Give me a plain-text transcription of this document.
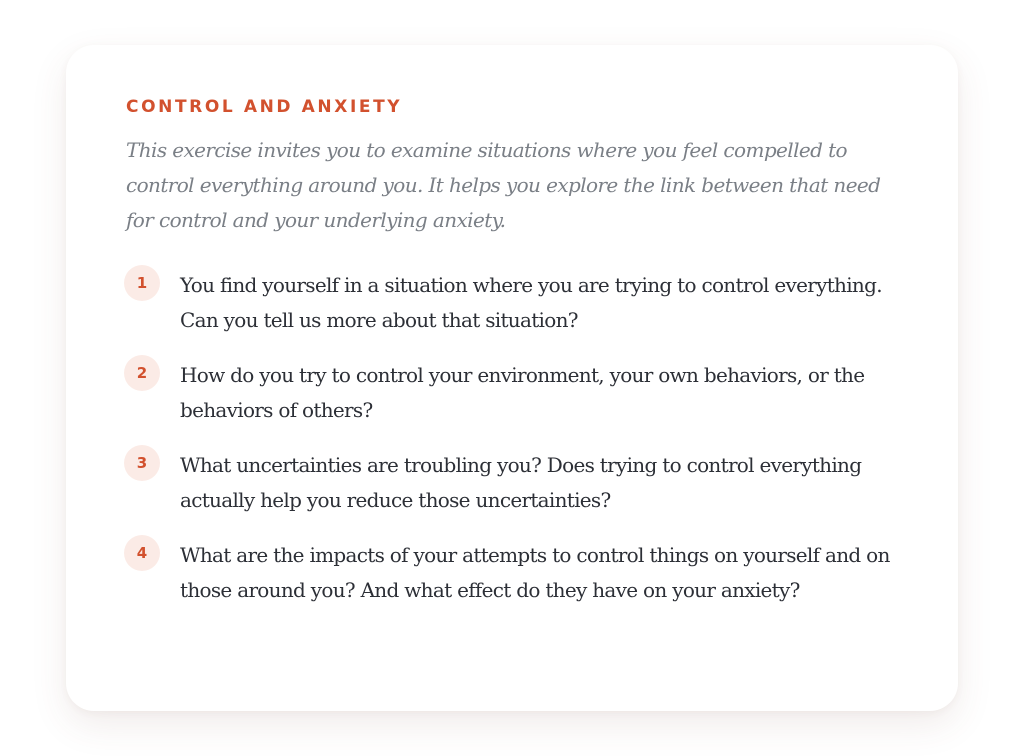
CONTROL AND ANXIETY

This exercise invites you to examine situations where you feel compelled to control everything around you. It helps you explore the link between that need for control and your underlying anxiety.

1	You find yourself in a situation where you are trying to control everything. Can you tell us more about that situation?

2	How do you try to control your environment, your own behaviors, or the behaviors of others?

3	What uncertainties are troubling you? Does trying to control everything actually help you reduce those uncertainties?

4	What are the impacts of your attempts to control things on yourself and on those around you? And what effect do they have on your anxiety?
